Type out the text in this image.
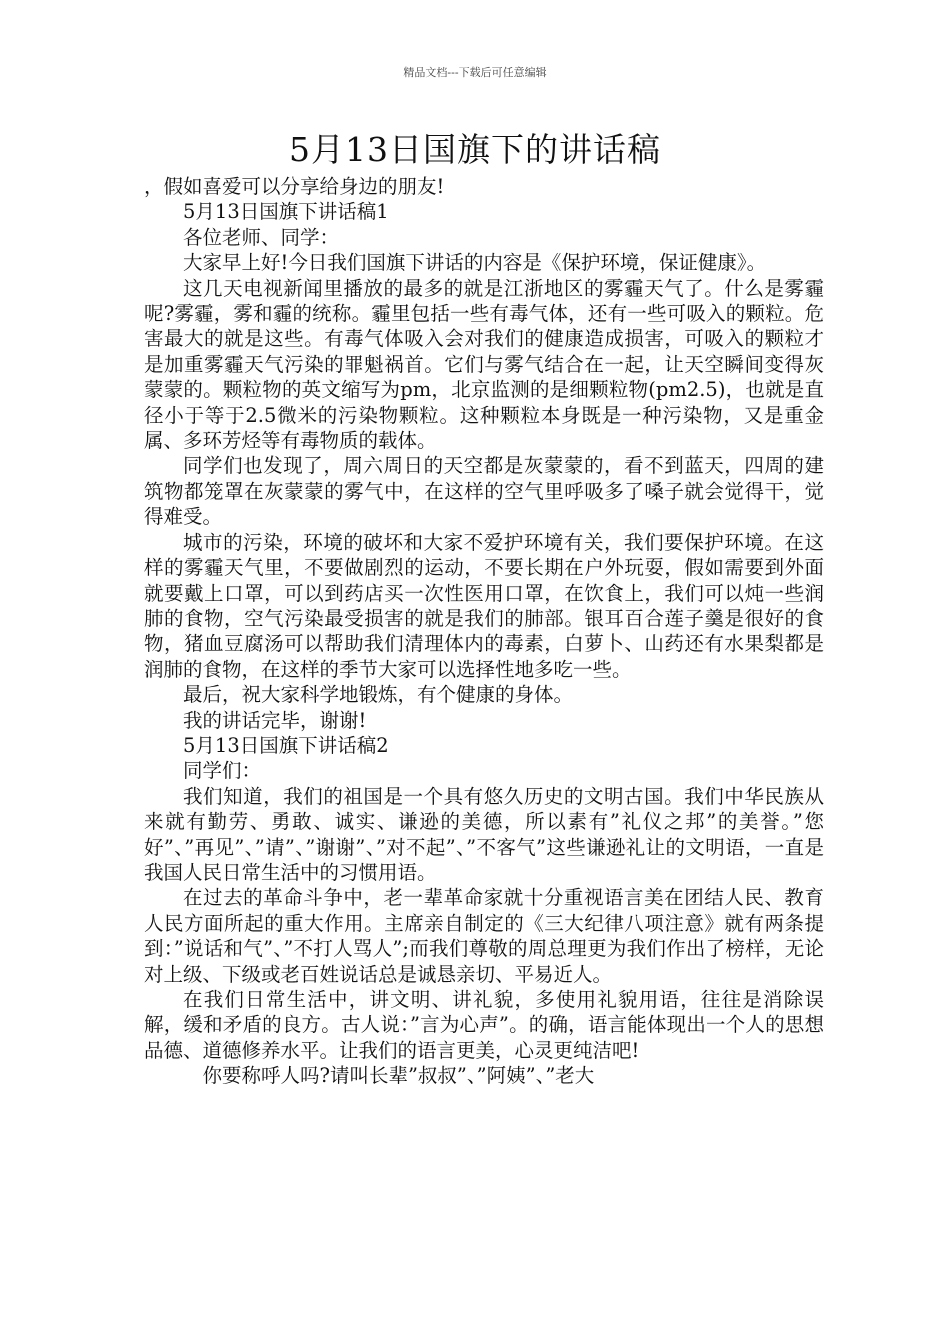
精品文档---下载后可任意编辑
5月13日国旗下的讲话稿

，假如喜爱可以分享给身边的朋友!

5月13日国旗下讲话稿1

各位老师、同学：

大家早上好!今日我们国旗下讲话的内容是《保护环境，保证健康》。

这几天电视新闻里播放的最多的就是江浙地区的雾霾天气了。什么是雾霾呢?雾霾，雾和霾的统称。霾里包括一些有毒气体，还有一些可吸入的颗粒。危害最大的就是这些。有毒气体吸入会对我们的健康造成损害，可吸入的颗粒才是加重雾霾天气污染的罪魁祸首。它们与雾气结合在一起，让天空瞬间变得灰蒙蒙的。颗粒物的英文缩写为pm，北京监测的是细颗粒物(pm2.5)，也就是直径小于等于2.5微米的污染物颗粒。这种颗粒本身既是一种污染物，又是重金属、多环芳烃等有毒物质的载体。

同学们也发现了，周六周日的天空都是灰蒙蒙的，看不到蓝天，四周的建筑物都笼罩在灰蒙蒙的雾气中，在这样的空气里呼吸多了嗓子就会觉得干，觉得难受。

城市的污染，环境的破坏和大家不爱护环境有关，我们要保护环境。在这样的雾霾天气里，不要做剧烈的运动，不要长期在户外玩耍，假如需要到外面就要戴上口罩，可以到药店买一次性医用口罩，在饮食上，我们可以炖一些润肺的食物，空气污染最受损害的就是我们的肺部。银耳百合莲子羹是很好的食物，猪血豆腐汤可以帮助我们清理体内的毒素，白萝卜、山药还有水果梨都是润肺的食物，在这样的季节大家可以选择性地多吃一些。

最后，祝大家科学地锻炼，有个健康的身体。

我的讲话完毕，谢谢!

5月13日国旗下讲话稿2

同学们：

我们知道，我们的祖国是一个具有悠久历史的文明古国。我们中华民族从来就有勤劳、勇敢、诚实、谦逊的美德，所以素有”礼仪之邦”的美誉。”您好”、”再见”、”请”、”谢谢”、”对不起”、”不客气”这些谦逊礼让的文明语，一直是我国人民日常生活中的习惯用语。

在过去的革命斗争中，老一辈革命家就十分重视语言美在团结人民、教育人民方面所起的重大作用。主席亲自制定的《三大纪律八项注意》就有两条提到：”说话和气”、”不打人骂人”;而我们尊敬的周总理更为我们作出了榜样，无论对上级、下级或老百姓说话总是诚恳亲切、平易近人。

在我们日常生活中，讲文明、讲礼貌，多使用礼貌用语，往往是消除误解，缓和矛盾的良方。古人说：”言为心声”。的确，语言能体现出一个人的思想品德、道德修养水平。让我们的语言更美，心灵更纯洁吧!

你要称呼人吗?请叫长辈”叔叔”、”阿姨”、”老大
